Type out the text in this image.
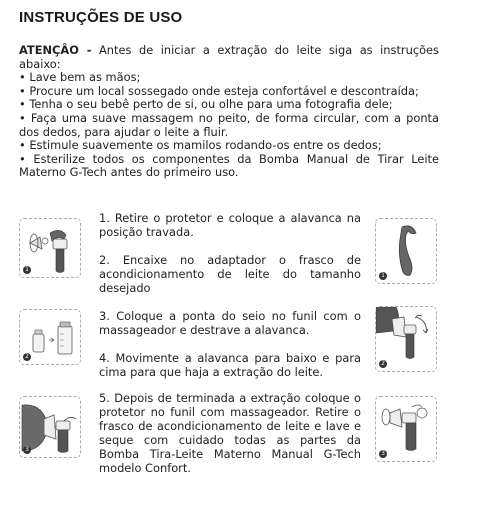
INSTRUÇÕES DE USO

ATENÇÂO - Antes de iniciar a extração do leite siga as instruções abaixo:

• Lave bem as mãos;

• Procure um local sossegado onde esteja confortável e descontraída;

• Tenha o seu bebê perto de si, ou olhe para uma fotografia dele;

• Faça uma suave massagem no peito, de forma circular, com a ponta dos dedos, para ajudar o leite a fluir.

• Estimule suavemente os mamilos rodando-os entre os dedos;

• Esterilize todos os componentes da Bomba Manual de Tirar Leite Materno G-Tech antes do primeiro uso.

1
2
3
1. Retire o protetor e coloque a alavanca na posição travada.
2. Encaixe no adaptador o frasco de acondicionamento de leite do tamanho desejado
3. Coloque a ponta do seio no funil com o massageador e destrave a alavanca.
4. Movimente a alavanca para baixo e para cima para que haja a extração do leite.
5. Depois de terminada a extração coloque o protetor no funil com massageador. Retire o frasco de acondicionamento de leite e lave e seque com cuidado todas as partes da Bomba Tira-Leite Materno Manual G-Tech modelo Confort.
1
2
3
